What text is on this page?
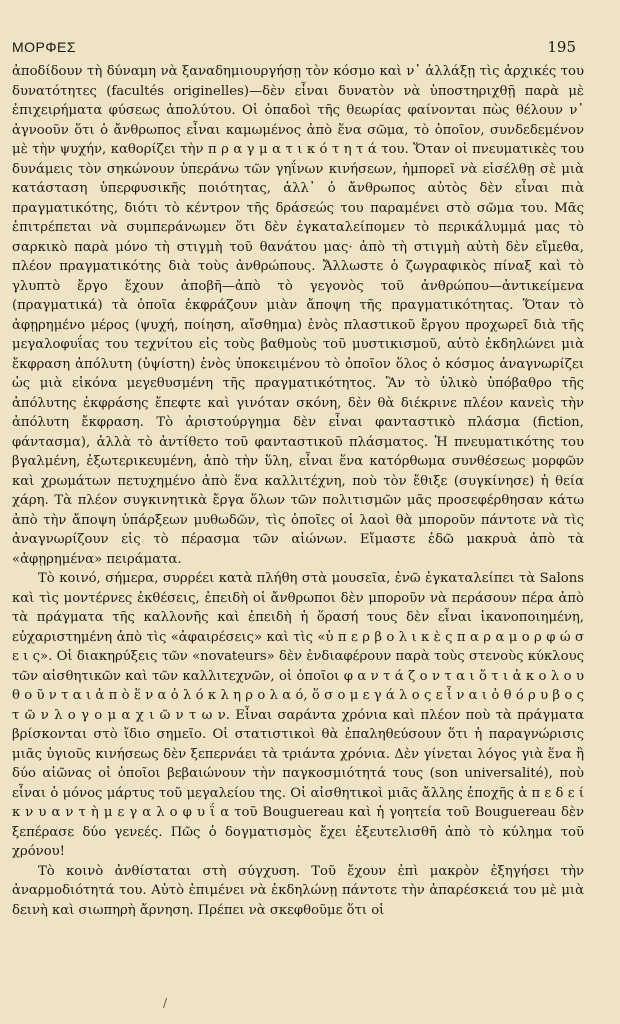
ΜΟΡΦΕΣ	195

ἀποδίδουν τὴ δύναμη νὰ ξαναδημιουργήσῃ τὸν κόσμο καὶ ν᾽ ἀλλάξῃ τὶς ἀρχικές του δυνατότητες (facultés originelles)—δὲν εἶναι δυνατὸν νὰ ὑποστηριχθῇ παρὰ μὲ ἐπιχειρήματα φύσεως ἀπολύτου. Οἱ ὀπαδοὶ τῆς θεωρίας φαίνονται πὼς θέλουν ν᾽ ἀγνοοῦν ὅτι ὁ ἄνθρωπος εἶναι καμωμένος ἀπὸ ἕνα σῶμα, τὸ ὁποῖον, συνδεδεμένον μὲ τὴν ψυχήν, καθορίζει τὴν π ρ α γ μ α τ ι κ ό τ η τ ά του. Ὅταν οἱ πνευματικὲς του δυνάμεις τὸν σηκώνουν ὑπεράνω τῶν γηΐνων κινήσεων, ἠμπορεῖ νὰ εἰσέλθῃ σὲ μιὰ κατάσταση ὑπερφυσικῆς ποιότητας, ἀλλ᾽ ὁ ἄνθρωπος αὐτὸς δὲν εἶναι πιὰ πραγματικότης, διότι τὸ κέντρον τῆς δράσεώς του παραμένει στὸ σῶμα του. Μᾶς ἐπιτρέπεται νὰ συμπεράνωμεν ὅτι δὲν ἐγκαταλείπομεν τὸ περικάλυμμά μας τὸ σαρκικὸ παρὰ μόνο τὴ στιγμὴ τοῦ θανάτου μας· ἀπὸ τὴ στιγμὴ αὐτὴ δὲν εἴμεθα, πλέον πραγματικότης διὰ τοὺς ἀνθρώπους. Ἄλλωστε ὁ ζωγραφικὸς πίναξ καὶ τὸ γλυπτὸ ἔργο ἔχουν ἀποβῆ—ἀπὸ τὸ γεγονὸς τοῦ ἀνθρώπου—ἀντικείμενα (πραγματικά) τὰ ὁποῖα ἐκφράζουν μιὰν ἄποψη τῆς πραγματικότητας. Ὅταν τὸ ἀφῃρημένο μέρος (ψυχή, ποίηση, αἴσθημα) ἑνὸς πλαστικοῦ ἔργου προχωρεῖ διὰ τῆς μεγαλοφυΐας του τεχνίτου εἰς τοὺς βαθμοὺς τοῦ μυστικισμοῦ, αὐτὸ ἐκδηλώνει μιὰ ἔκφραση ἀπόλυτη (ὑψίστη) ἑνὸς ὑποκειμένου τὸ ὁποῖον ὅλος ὁ κόσμος ἀναγνωρίζει ὡς μιὰ εἰκόνα μεγεθυσμένη τῆς πραγματικότητος. Ἂν τὸ ὑλικὸ ὑπόβαθρο τῆς ἀπόλυτης ἐκφράσης ἔπεφτε καὶ γινόταν σκόνη, δὲν θὰ διέκρινε πλέον κανεὶς τὴν ἀπόλυτη ἔκφραση. Τὸ ἀριστούργημα δὲν εἶναι φανταστικὸ πλάσμα (fiction, φάντασμα), ἀλλὰ τὸ ἀντίθετο τοῦ φανταστικοῦ πλάσματος. Ἡ πνευματικότης του βγαλμένη, ἐξωτερικευμένη, ἀπὸ τὴν ὕλη, εἶναι ἕνα κατόρθωμα συνθέσεως μορφῶν καὶ χρωμάτων πετυχημένο ἀπὸ ἕνα καλλιτέχνη, ποὺ τὸν ἔθιξε (συγκίνησε) ἡ θεία χάρη. Τὰ πλέον συγκινητικὰ ἔργα ὅλων τῶν πολιτισμῶν μᾶς προσεφέρθησαν κάτω ἀπὸ τὴν ἄποψη ὑπάρξεων μυθωδῶν, τὶς ὁποῖες οἱ λαοὶ θὰ μποροῦν πάντοτε νὰ τὶς ἀναγνωρίζουν εἰς τὸ πέρασμα τῶν αἰώνων. Εἴμαστε ἐδῶ μακρυὰ ἀπὸ τὰ «ἀφῃρημένα» πειράματα.

Τὸ κοινό, σήμερα, συρρέει κατὰ πλήθη στὰ μουσεῖα, ἐνῶ ἐγκαταλείπει τὰ Salons καὶ τὶς μοντέρνες ἐκθέσεις, ἐπειδὴ οἱ ἄνθρωποι δὲν μποροῦν νὰ περάσουν πέρα ἀπὸ τὰ πράγματα τῆς καλλονῆς καὶ ἐπειδὴ ἡ ὅρασή τους δὲν εἶναι ἱκανοποιημένη, εὐχαριστημένη ἀπὸ τὶς «ἀφαιρέσεις» καὶ τὶς «ὑ π ε ρ β ο λ ι κ ὲ ς π α ρ α μ ο ρ φ ώ σ ε ι ς». Οἱ διακηρύξεις τῶν «novateurs» δὲν ἐνδιαφέρουν παρὰ τοὺς στενοὺς κύκλους τῶν αἰσθητικῶν καὶ τῶν καλλιτεχνῶν, οἱ ὁποῖοι φ α ν τ ά ζ ο ν τ α ι ὅ τ ι ἀ κ ο λ ο υ θ ο ῦ ν τ α ι ἀ π ὸ ἕ ν α ὁ λ ό κ λ η ρ ο λ α ό, ὅ σ ο μ ε γ ά λ ο ς ε ἶ ν α ι ὁ θ ό ρ υ β ο ς τ ῶ ν λ ο γ ο μ α χ ι ῶ ν τ ω ν. Εἶναι σαράντα χρόνια καὶ πλέον ποὺ τὰ πράγματα βρίσκονται στὸ ἴδιο σημεῖο. Οἱ στατιστικοὶ θὰ ἐπαληθεύσουν ὅτι ἡ παραγνώρισις μιᾶς ὑγιοῦς κινήσεως δὲν ξεπερνάει τὰ τριάντα χρόνια. Δὲν γίνεται λόγος γιὰ ἕνα ἢ δύο αἰῶνας οἱ ὁποῖοι βεβαιώνουν τὴν παγκοσμιότητά τους (son universalité), ποὺ εἶναι ὁ μόνος μάρτυς τοῦ μεγαλείου της. Οἱ αἰσθητικοὶ μιᾶς ἄλλης ἐποχῆς ἀ π ε δ ε ί κ ν υ α ν τ ὴ μ ε γ α λ ο φ υ ΐ α τοῦ Bouguereau καὶ ἡ γοητεία τοῦ Bouguereau δὲν ξεπέρασε δύο γενεές. Πῶς ὁ δογματισμὸς ἔχει ἐξευτελισθῆ ἀπὸ τὸ κύλημα τοῦ χρόνου!

Τὸ κοινὸ ἀνθίσταται στὴ σύγχυση. Τοῦ ἔχουν ἐπὶ μακρὸν ἐξηγήσει τὴν ἀναρμοδιότητά του. Αὐτὸ ἐπιμένει νὰ ἐκδηλώνῃ πάντοτε τὴν ἀπαρέσκειά του μὲ μιὰ δεινὴ καὶ σιωπηρὴ ἄρνηση. Πρέπει νὰ σκεφθοῦμε ὅτι οἱ

/
